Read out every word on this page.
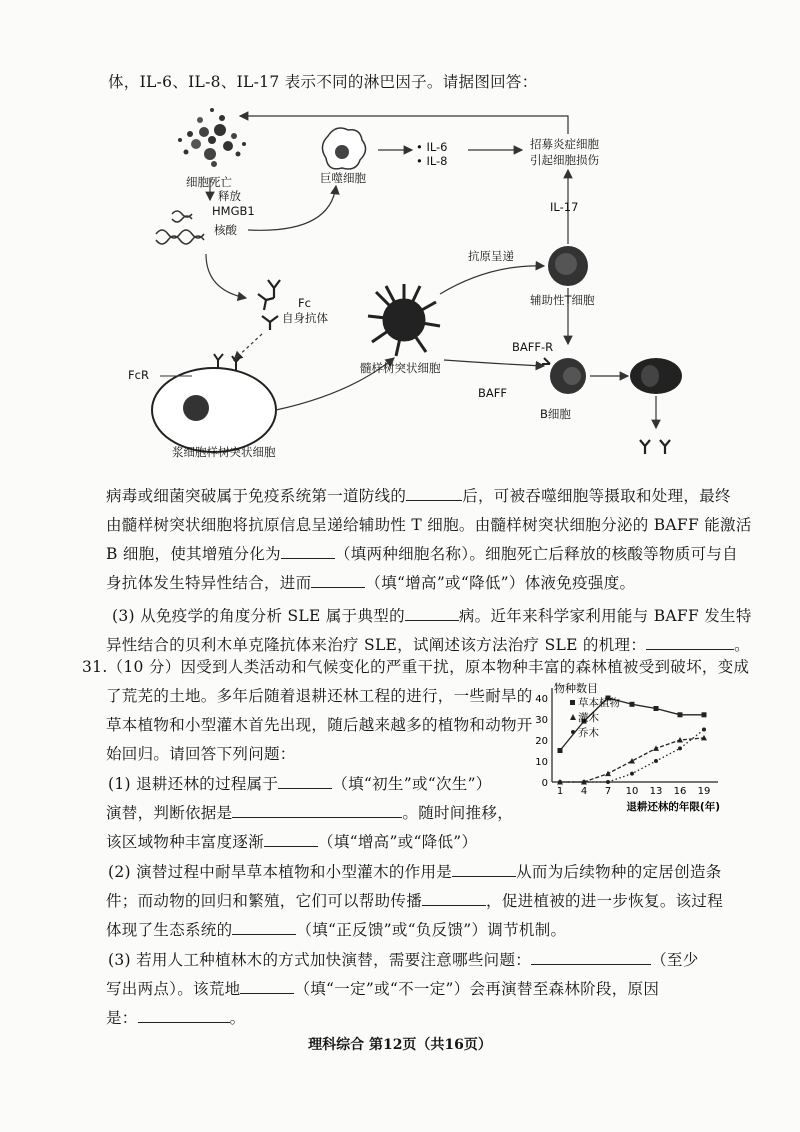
体，IL-6、IL-8、IL-17 表示不同的淋巴因子。请据图回答：
细胞死亡
释放
HMGB1
核酸
巨噬细胞
• IL-6
• IL-8
招募炎症细胞
引起细胞损伤
IL-17
Fc
自身抗体
FcR
抗原呈递
辅助性T细胞
髓样树突状细胞
BAFF-R
BAFF
B细胞
浆细胞样树突状细胞
病毒或细菌突破属于免疫系统第一道防线的	后，可被吞噬细胞等摄取和处理，最终
由髓样树突状细胞将抗原信息呈递给辅助性 T 细胞。由髓样树突状细胞分泌的 BAFF 能激活
B 细胞，使其增殖分化为	（填两种细胞名称）。细胞死亡后释放的核酸等物质可与自
身抗体发生特异性结合，进而	（填“增高”或“降低”）体液免疫强度。
(3) 从免疫学的角度分析 SLE 属于典型的	病。近年来科学家利用能与 BAFF 发生特
异性结合的贝利木单克隆抗体来治疗 SLE，试阐述该方法治疗 SLE 的机理：	。
31.（10 分）因受到人类活动和气候变化的严重干扰，原本物种丰富的森林植被受到破坏，变成
了荒芜的土地。多年后随着退耕还林工程的进行，一些耐旱的
草本植物和小型灌木首先出现，随后越来越多的植物和动物开
始回归。请回答下列问题：
(1) 退耕还林的过程属于	（填“初生”或“次生”）
演替，判断依据是	。随时间推移，
该区域物种丰富度逐渐	（填“增高”或“降低”）
(2) 演替过程中耐旱草本植物和小型灌木的作用是	从而为后续物种的定居创造条
件；而动物的回归和繁殖，它们可以帮助传播	，促进植被的进一步恢复。该过程
体现了生态系统的	（填“正反馈”或“负反馈”）调节机制。
(3) 若用人工种植林木的方式加快演替，需要注意哪些问题：	（至少
写出两点）。该荒地	（填“一定”或“不一定”）会再演替至森林阶段，原因
是：	。
物种数目
0
10
20
30
40
1 4 7 10 13 16 19
退耕还林的年限(年)
草本植物
灌木
乔木
理科综合 第12页（共16页）
